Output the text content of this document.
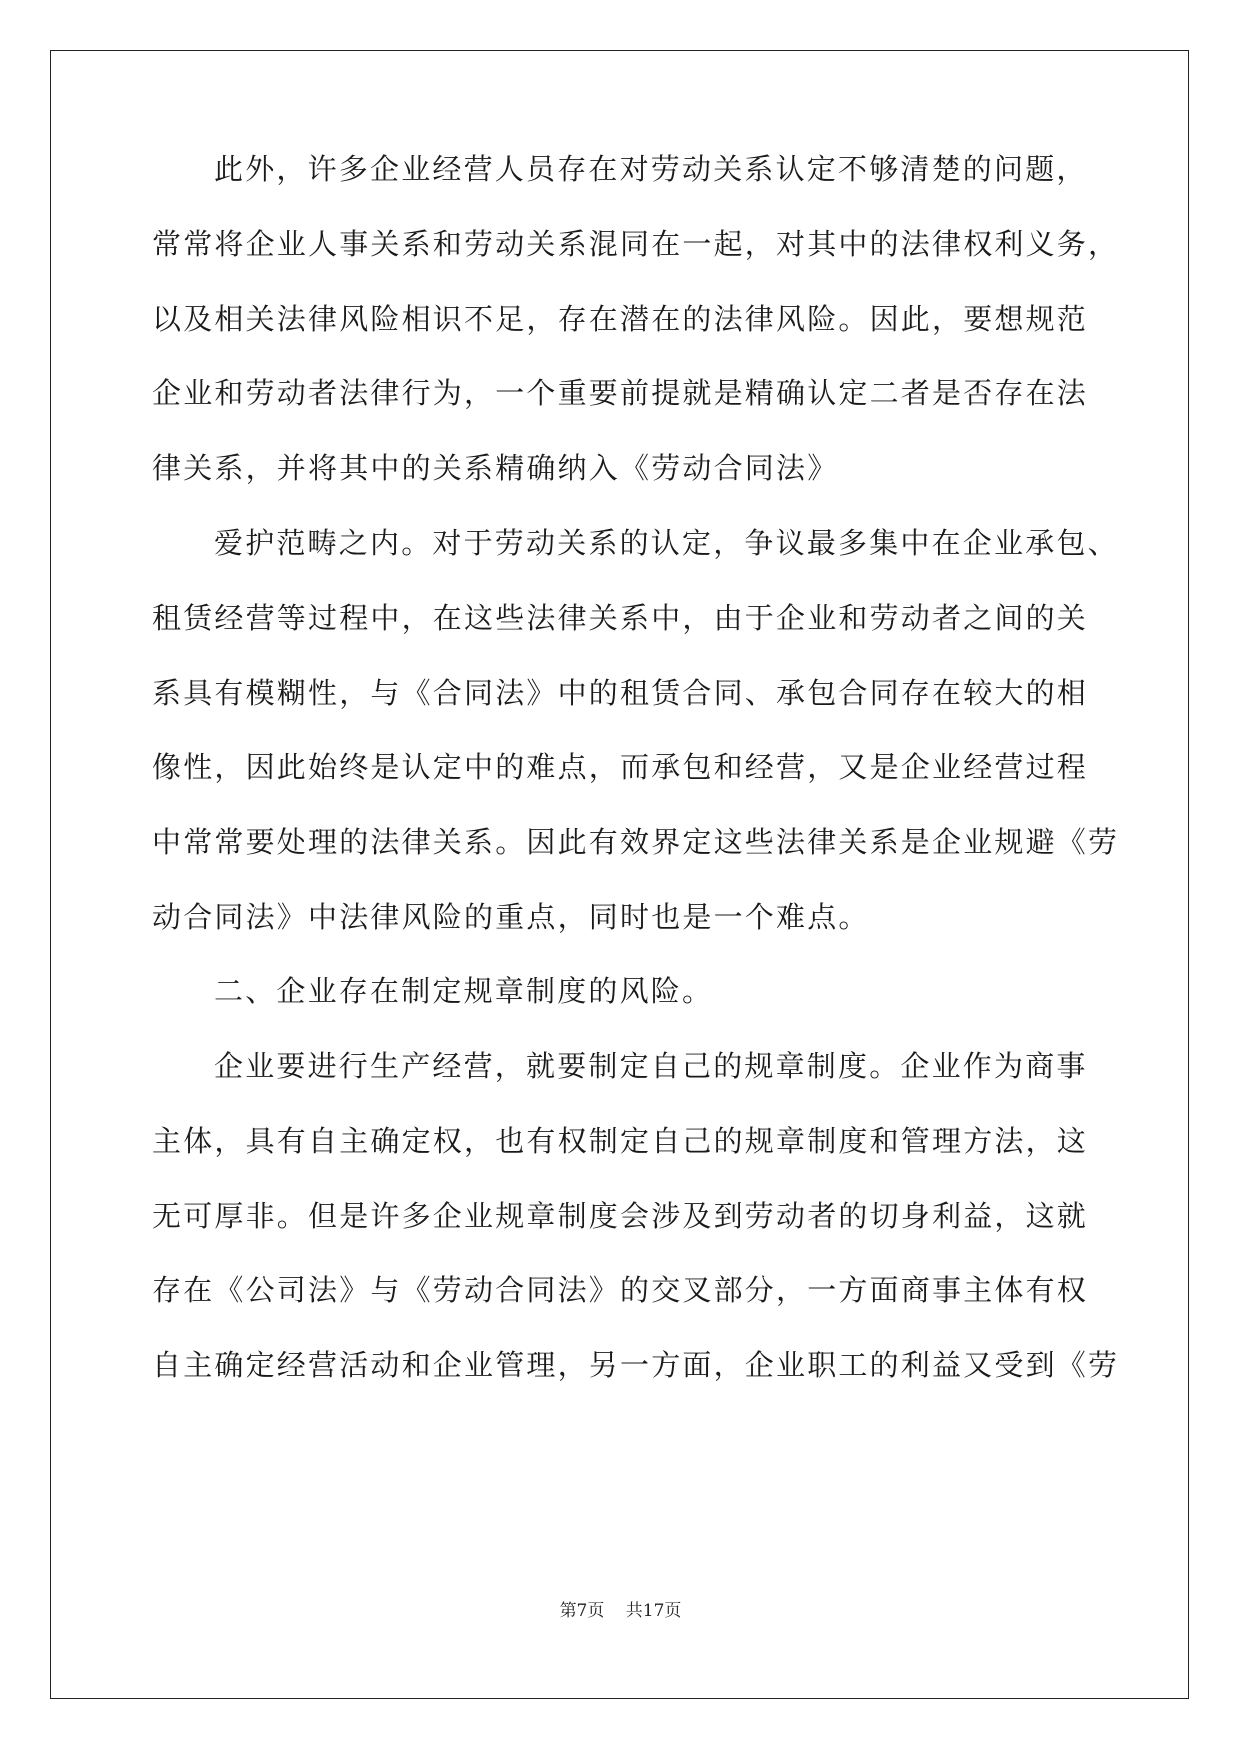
此外，许多企业经营人员存在对劳动关系认定不够清楚的问题，
常常将企业人事关系和劳动关系混同在一起，对其中的法律权利义务，
以及相关法律风险相识不足，存在潜在的法律风险。因此，要想规范
企业和劳动者法律行为，一个重要前提就是精确认定二者是否存在法
律关系，并将其中的关系精确纳入《劳动合同法》
爱护范畴之内。对于劳动关系的认定，争议最多集中在企业承包、
租赁经营等过程中，在这些法律关系中，由于企业和劳动者之间的关
系具有模糊性，与《合同法》中的租赁合同、承包合同存在较大的相
像性，因此始终是认定中的难点，而承包和经营，又是企业经营过程
中常常要处理的法律关系。因此有效界定这些法律关系是企业规避《劳
动合同法》中法律风险的重点，同时也是一个难点。
二、企业存在制定规章制度的风险。
企业要进行生产经营，就要制定自己的规章制度。企业作为商事
主体，具有自主确定权，也有权制定自己的规章制度和管理方法，这
无可厚非。但是许多企业规章制度会涉及到劳动者的切身利益，这就
存在《公司法》与《劳动合同法》的交叉部分，一方面商事主体有权
自主确定经营活动和企业管理，另一方面，企业职工的利益又受到《劳
第7页 共17页
